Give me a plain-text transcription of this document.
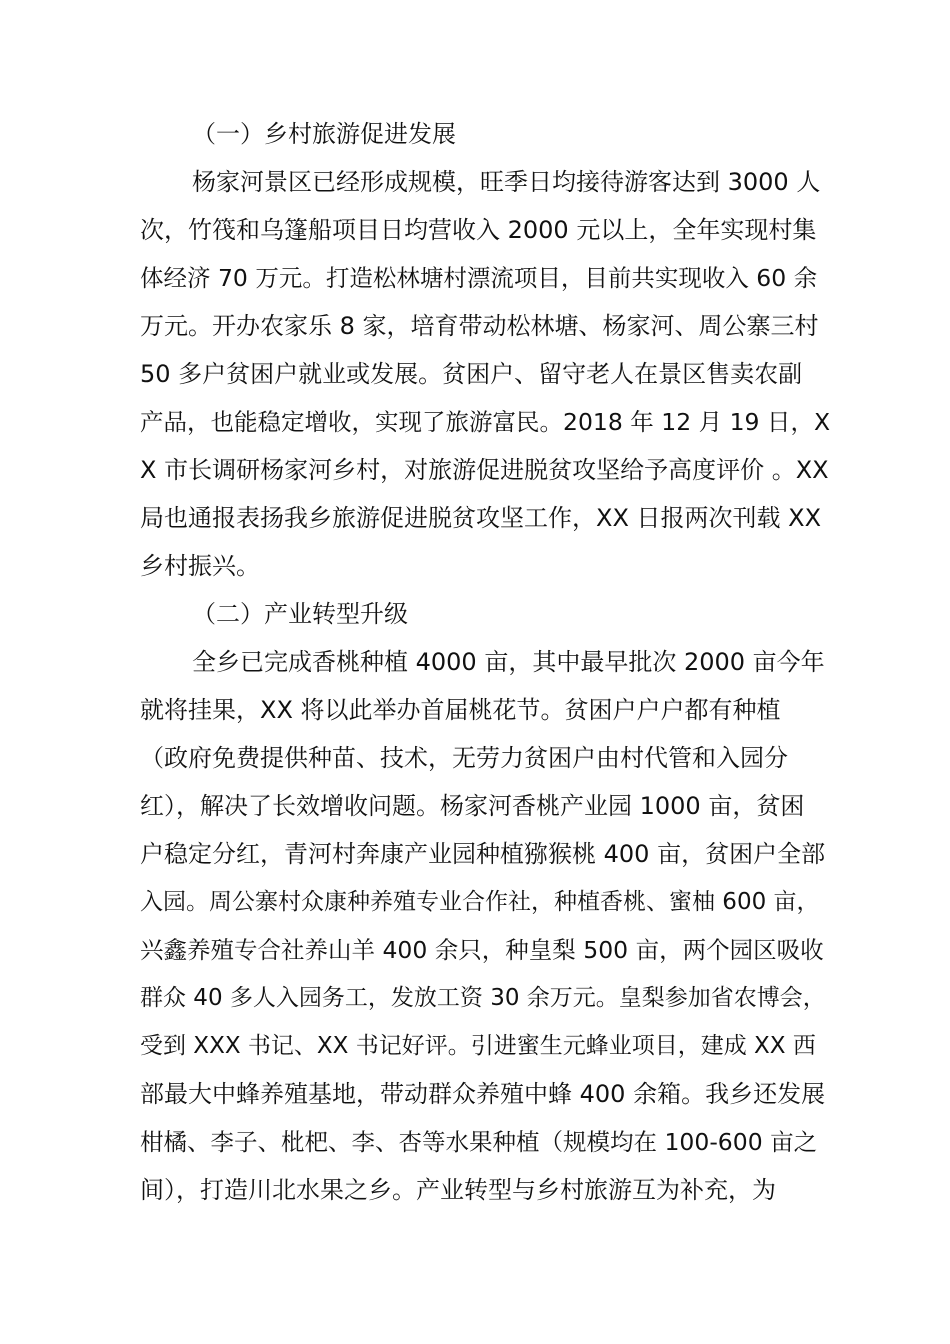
（一）乡村旅游促进发展

杨家河景区已经形成规模，旺季日均接待游客达到 3000 人

次，竹筏和乌篷船项目日均营收入 2000 元以上，全年实现村集

体经济 70 万元。打造松林塘村漂流项目，目前共实现收入 60 余

万元。开办农家乐 8 家，培育带动松林塘、杨家河、周公寨三村

50 多户贫困户就业或发展。贫困户、留守老人在景区售卖农副

产品，也能稳定增收，实现了旅游富民。2018 年 12 月 19 日，X

X 市长调研杨家河乡村，对旅游促进脱贫攻坚给予高度评价 。XX

局也通报表扬我乡旅游促进脱贫攻坚工作，XX 日报两次刊载 XX

乡村振兴。

（二）产业转型升级

全乡已完成香桃种植 4000 亩，其中最早批次 2000 亩今年

就将挂果，XX 将以此举办首届桃花节。贫困户户户都有种植

（政府免费提供种苗、技术，无劳力贫困户由村代管和入园分

红），解决了长效增收问题。杨家河香桃产业园 1000 亩，贫困

户稳定分红，青河村奔康产业园种植猕猴桃 400 亩，贫困户全部

入园。周公寨村众康种养殖专业合作社，种植香桃、蜜柚 600 亩，

兴鑫养殖专合社养山羊 400 余只，种皇梨 500 亩，两个园区吸收

群众 40 多人入园务工，发放工资 30 余万元。皇梨参加省农博会，

受到 XXX 书记、XX 书记好评。引进蜜生元蜂业项目，建成 XX 西

部最大中蜂养殖基地，带动群众养殖中蜂 400 余箱。我乡还发展

柑橘、李子、枇杷、李、杏等水果种植（规模均在 100-600 亩之

间），打造川北水果之乡。产业转型与乡村旅游互为补充，为
